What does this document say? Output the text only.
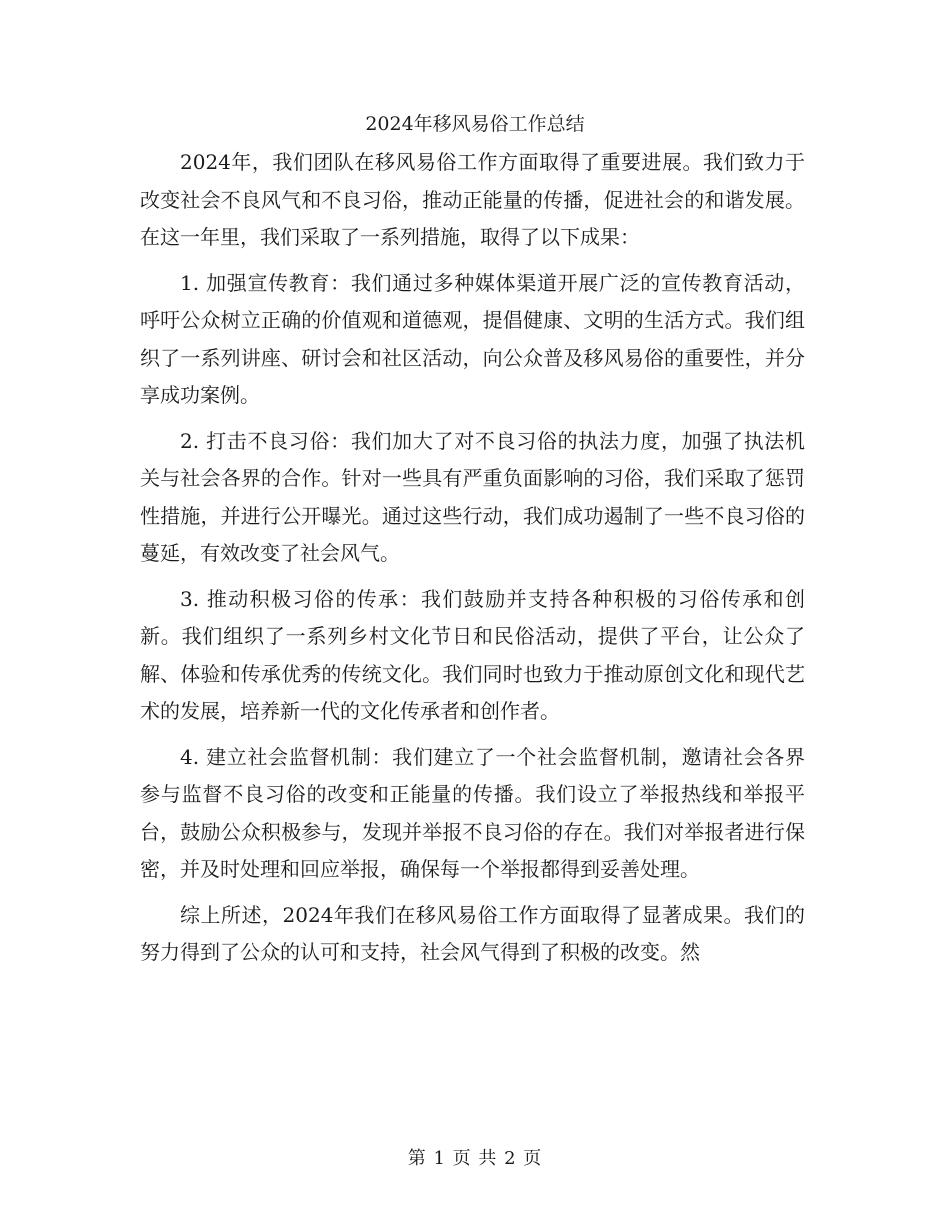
2024年移风易俗工作总结

2024年，我们团队在移风易俗工作方面取得了重要进展。我们致力于改变社会不良风气和不良习俗，推动正能量的传播，促进社会的和谐发展。在这一年里，我们采取了一系列措施，取得了以下成果：

1. 加强宣传教育：我们通过多种媒体渠道开展广泛的宣传教育活动，呼吁公众树立正确的价值观和道德观，提倡健康、文明的生活方式。我们组织了一系列讲座、研讨会和社区活动，向公众普及移风易俗的重要性，并分享成功案例。

2. 打击不良习俗：我们加大了对不良习俗的执法力度，加强了执法机关与社会各界的合作。针对一些具有严重负面影响的习俗，我们采取了惩罚性措施，并进行公开曝光。通过这些行动，我们成功遏制了一些不良习俗的蔓延，有效改变了社会风气。

3. 推动积极习俗的传承：我们鼓励并支持各种积极的习俗传承和创新。我们组织了一系列乡村文化节日和民俗活动，提供了平台，让公众了解、体验和传承优秀的传统文化。我们同时也致力于推动原创文化和现代艺术的发展，培养新一代的文化传承者和创作者。

4. 建立社会监督机制：我们建立了一个社会监督机制，邀请社会各界参与监督不良习俗的改变和正能量的传播。我们设立了举报热线和举报平台，鼓励公众积极参与，发现并举报不良习俗的存在。我们对举报者进行保密，并及时处理和回应举报，确保每一个举报都得到妥善处理。

综上所述，2024年我们在移风易俗工作方面取得了显著成果。我们的努力得到了公众的认可和支持，社会风气得到了积极的改变。然

第 1 页 共 2 页
